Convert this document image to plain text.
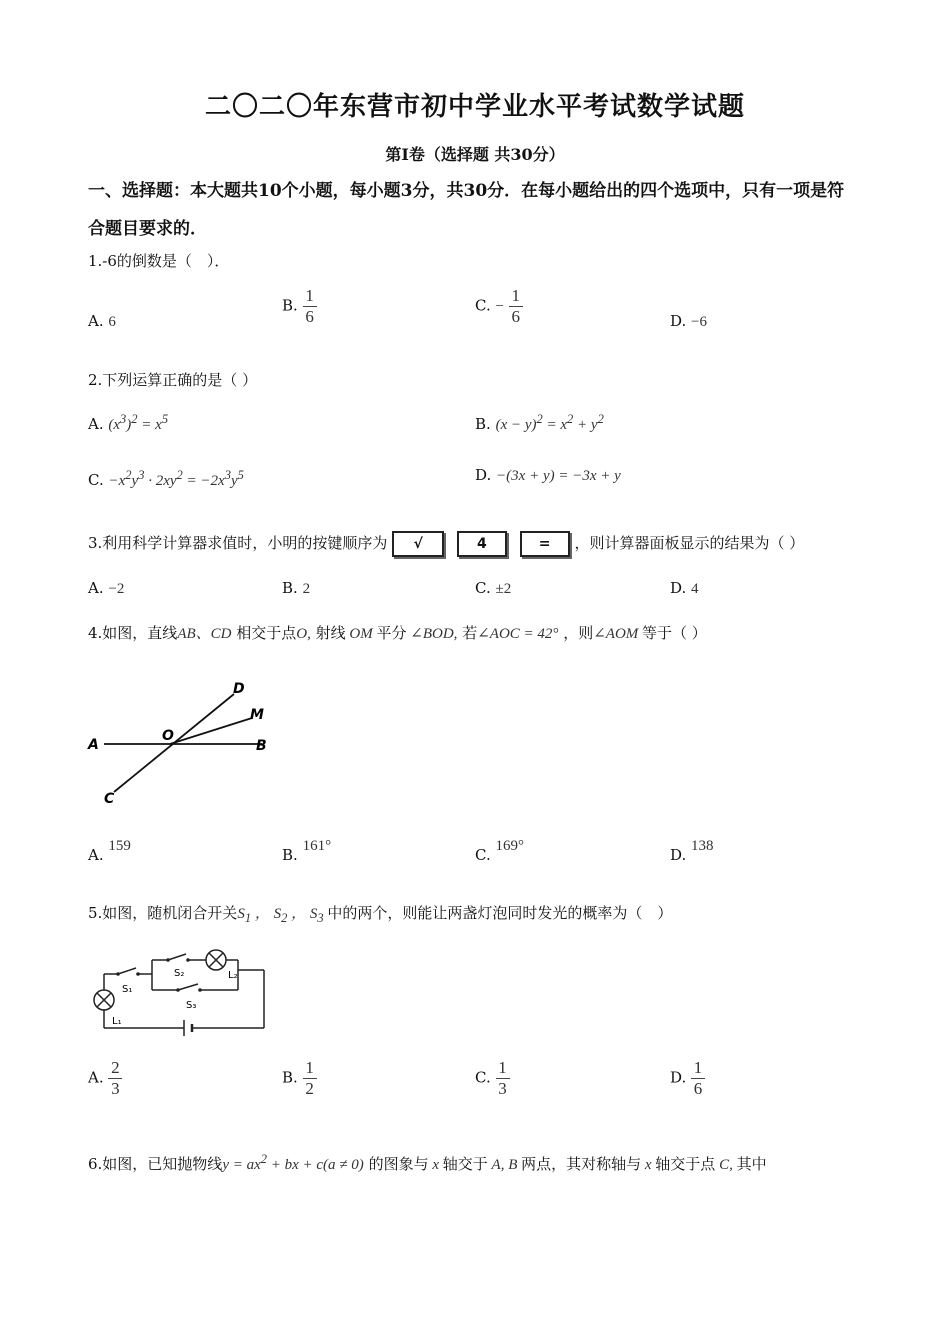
二〇二〇年东营市初中学业水平考试数学试题
第Ⅰ卷（选择题 共30分）
一、选择题：本大题共10个小题，每小题3分，共30分．在每小题给出的四个选项中，只有一项是符合题目要求的．
1.-6的倒数是（　）．
A. 6
B. $\frac{1}{6}$	C. − $\frac{1}{6}$	D. −6
2.下列运算正确的是（ ）
A. $(x^3)^2 = x^5$	B. $(x - y)^2 = x^2 + y^2$
C. $-x^2y^3 \cdot 2xy^2 = -2x^3y^5$	D. −(3x + y) = −3x + y
3.利用科学计算器求值时，小明的按键顺序为 √	4	= ，则计算器面板显示的结果为（ ）
A. −2	B. 2	C. ±2	D. 4
4.如图，直线AB、CD 相交于点O, 射线 OM 平分 ∠BOD, 若∠AOC = 42° ，则∠AOM 等于（ ）
A	B
C
D
M
O
A. 159	B. 161°	C. 169°	D. 138
5.如图，随机闭合开关$S_1$ ， $S_2$ ， $S_3$ 中的两个，则能让两盏灯泡同时发光的概率为（　）
S₁
S₂
S₃
L₁
L₂
A. $\frac{2}{3}$	B. $\frac{1}{2}$	C. $\frac{1}{3}$	D. $\frac{1}{6}$
6.如图，已知抛物线$y = ax^2$ + bx + c(a ≠ 0) 的图象与 x 轴交于 A, B 两点，其对称轴与 x 轴交于点 C, 其中
